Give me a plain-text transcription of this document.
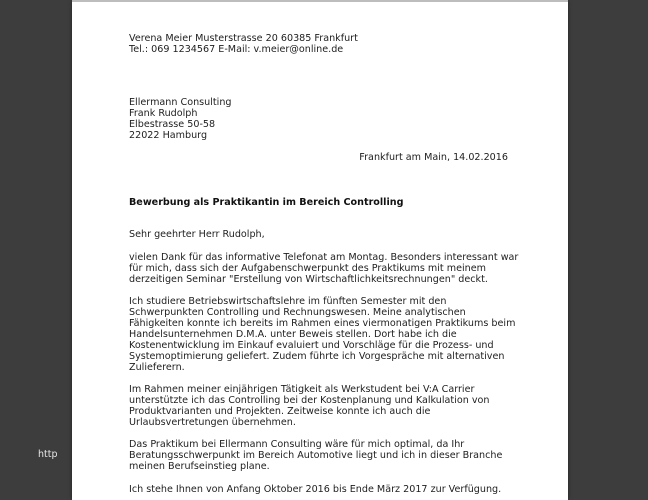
http
Verena Meier Musterstrasse 20 60385 Frankfurt
Tel.: 069 1234567 E-Mail: v.meier@online.de
Ellermann Consulting
Frank Rudolph
Elbestrasse 50-58
22022 Hamburg
Frankfurt am Main, 14.02.2016
Bewerbung als Praktikantin im Bereich Controlling
Sehr geehrter Herr Rudolph,
vielen Dank für das informative Telefonat am Montag. Besonders interessant war
für mich, dass sich der Aufgabenschwerpunkt des Praktikums mit meinem
derzeitigen Seminar "Erstellung von Wirtschaftlichkeitsrechnungen" deckt.
Ich studiere Betriebswirtschaftslehre im fünften Semester mit den
Schwerpunkten Controlling und Rechnungswesen. Meine analytischen
Fähigkeiten konnte ich bereits im Rahmen eines viermonatigen Praktikums beim
Handelsunternehmen D.M.A. unter Beweis stellen. Dort habe ich die
Kostenentwicklung im Einkauf evaluiert und Vorschläge für die Prozess- und
Systemoptimierung geliefert. Zudem führte ich Vorgespräche mit alternativen
Zulieferern.
Im Rahmen meiner einjährigen Tätigkeit als Werkstudent bei V:A Carrier
unterstützte ich das Controlling bei der Kostenplanung und Kalkulation von
Produktvarianten und Projekten. Zeitweise konnte ich auch die
Urlaubsvertretungen übernehmen.
Das Praktikum bei Ellermann Consulting wäre für mich optimal, da Ihr
Beratungsschwerpunkt im Bereich Automotive liegt und ich in dieser Branche
meinen Berufseinstieg plane.
Ich stehe Ihnen von Anfang Oktober 2016 bis Ende März 2017 zur Verfügung.
